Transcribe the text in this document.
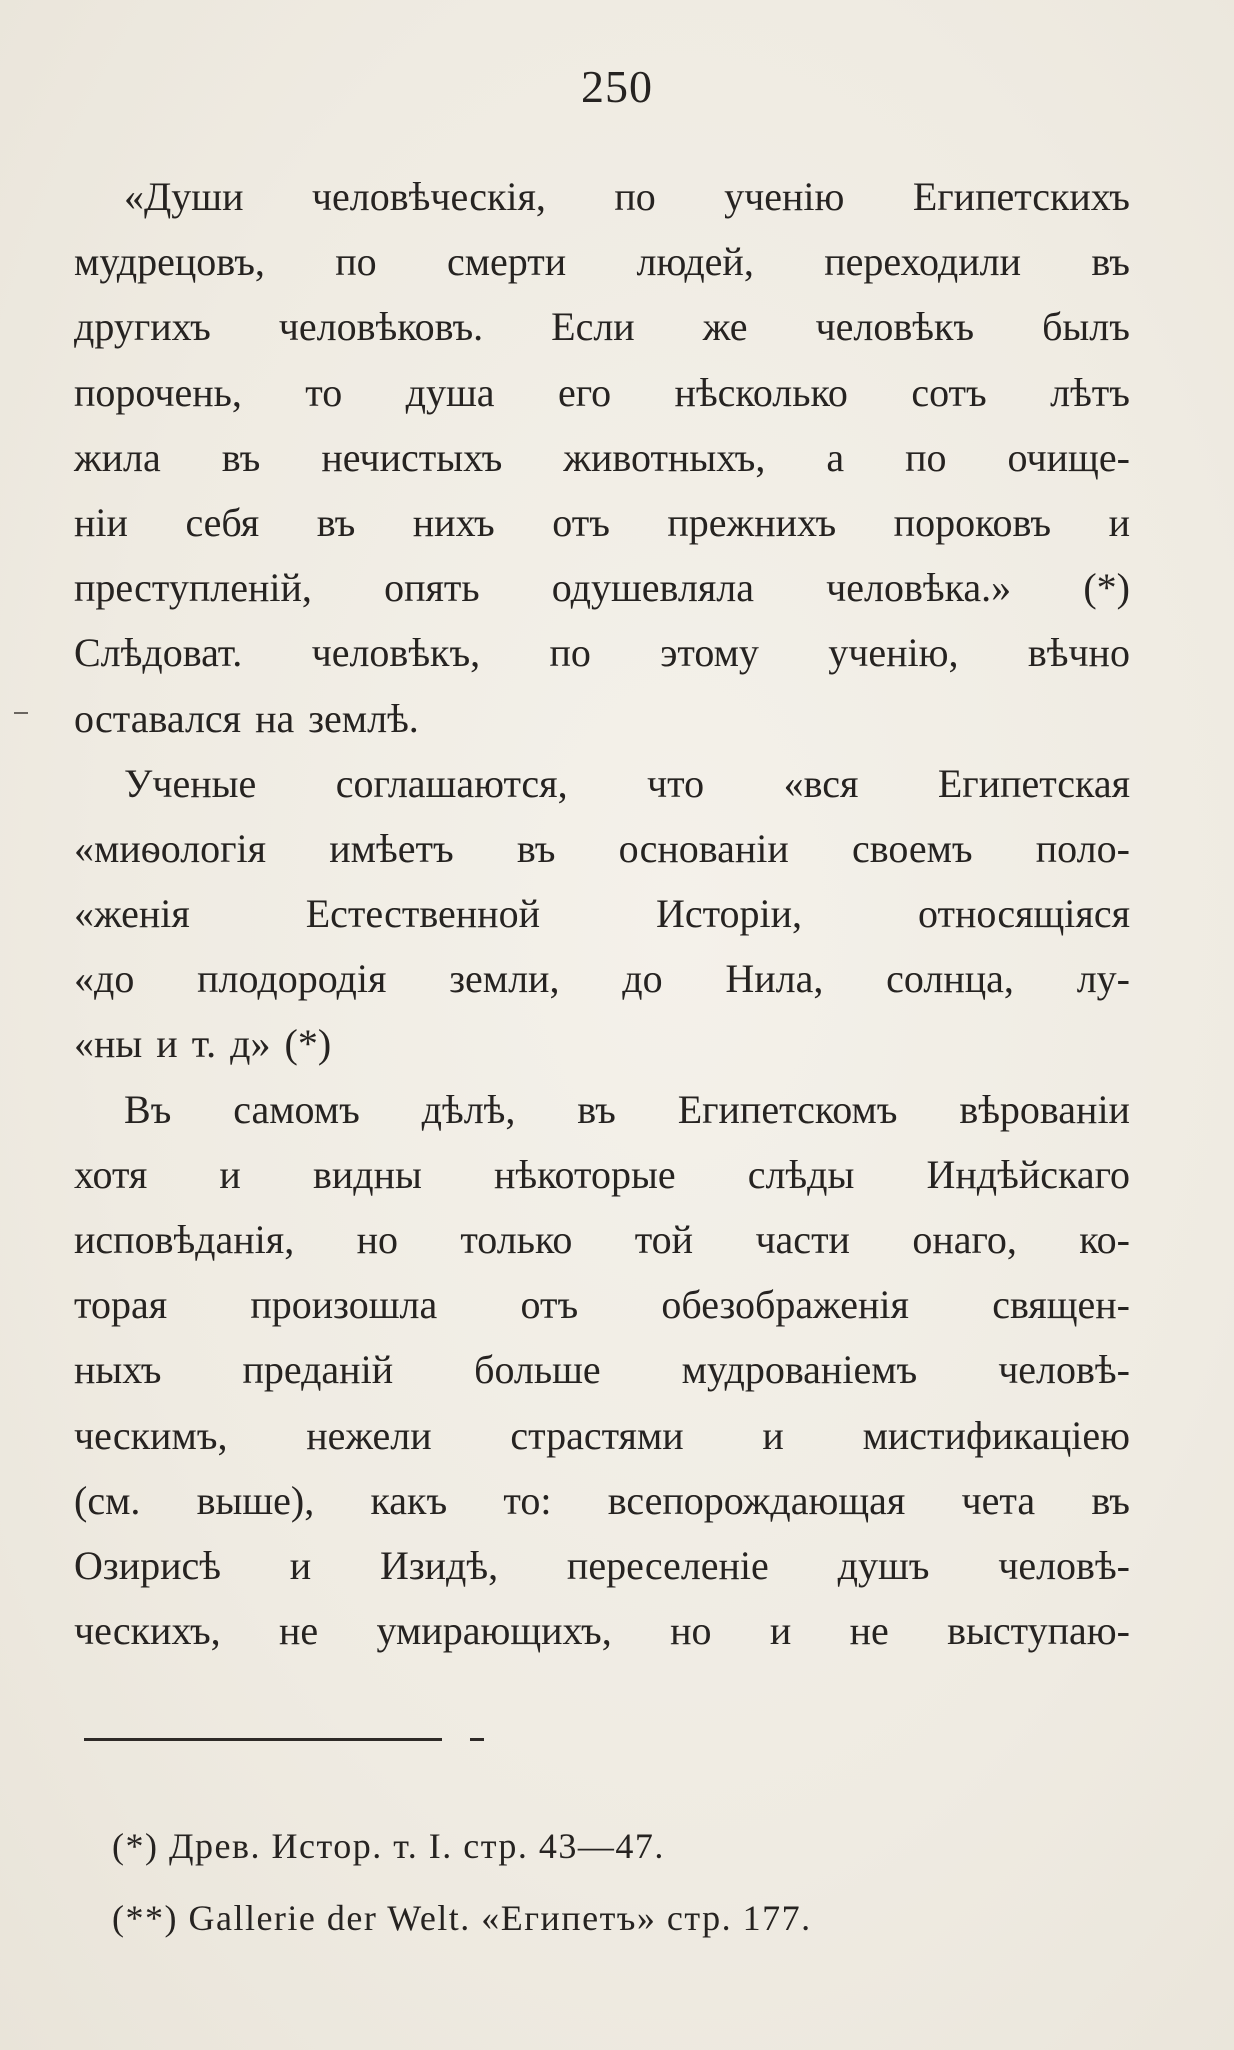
250
«Души человѣческія, по ученію Египетскихъ
мудрецовъ, по смерти людей, переходили въ
другихъ человѣковъ. Если же человѣкъ былъ
порочень, то душа его нѣсколько сотъ лѣтъ
жила въ нечистыхъ животныхъ, а по очище-
ніи себя въ нихъ отъ прежнихъ пороковъ и
преступленій, опять одушевляла человѣка.» (*)
Слѣдоват. человѣкъ, по этому ученію, вѣчно
оставался на землѣ.
Ученые соглашаются, что «вся Египетская
«миѳологія имѣетъ въ основаніи своемъ поло-
«женія	Естественной	Исторіи,	относящіяся
«до плодородія земли, до Нила, солнца, лу-
«ны и т. д» (*)
Въ самомъ дѣлѣ, въ Египетскомъ вѣрованіи
хотя и видны нѣкоторые слѣды Индѣйскаго
исповѣданія, но только той части онаго, ко-
торая произошла отъ обезображенія священ-
ныхъ преданій больше мудрованіемъ человѣ-
ческимъ, нежели страстями и мистификаціею
(см. выше), какъ то: всепорождающая чета въ
Озирисѣ и Изидѣ, переселеніе душъ человѣ-
ческихъ, не умирающихъ, но и не выступаю-
(*) Древ. Истор. т. I. стр. 43—47.
(**) Gallerie der Welt. «Египетъ» стр. 177.
